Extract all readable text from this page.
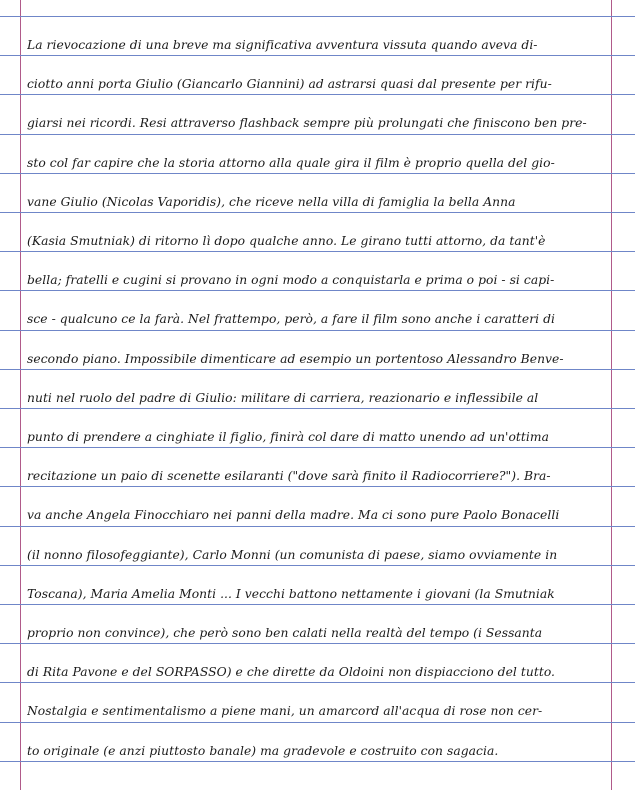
La rievocazione di una breve ma significativa avventura vissuta quando aveva di-
ciotto anni porta Giulio (Giancarlo Giannini) ad astrarsi quasi dal presente per rifu-
giarsi nei ricordi. Resi attraverso flashback sempre più prolungati che finiscono ben pre-
sto col far capire che la storia attorno alla quale gira il film è proprio quella del gio-
vane Giulio (Nicolas Vaporidis), che riceve nella villa di famiglia la bella Anna
(Kasia Smutniak) di ritorno lì dopo qualche anno. Le girano tutti attorno, da tant'è
bella; fratelli e cugini si provano in ogni modo a conquistarla e prima o poi - si capi-
sce - qualcuno ce la farà. Nel frattempo, però, a fare il film sono anche i caratteri di
secondo piano. Impossibile dimenticare ad esempio un portentoso Alessandro Benve-
nuti nel ruolo del padre di Giulio: militare di carriera, reazionario e inflessibile al
punto di prendere a cinghiate il figlio, finirà col dare di matto unendo ad un'ottima
recitazione un paio di scenette esilaranti ("dove sarà finito il Radiocorriere?"). Bra-
va anche Angela Finocchiaro nei panni della madre. Ma ci sono pure Paolo Bonacelli
(il nonno filosofeggiante), Carlo Monni (un comunista di paese, siamo ovviamente in
Toscana), Maria Amelia Monti ... I vecchi battono nettamente i giovani (la Smutniak
proprio non convince), che però sono ben calati nella realtà del tempo (i Sessanta
di Rita Pavone e del SORPASSO) e che dirette da Oldoini non dispiacciono del tutto.
Nostalgia e sentimentalismo a piene mani, un amarcord all'acqua di rose non cer-
to originale (e anzi piuttosto banale) ma gradevole e costruito con sagacia.
